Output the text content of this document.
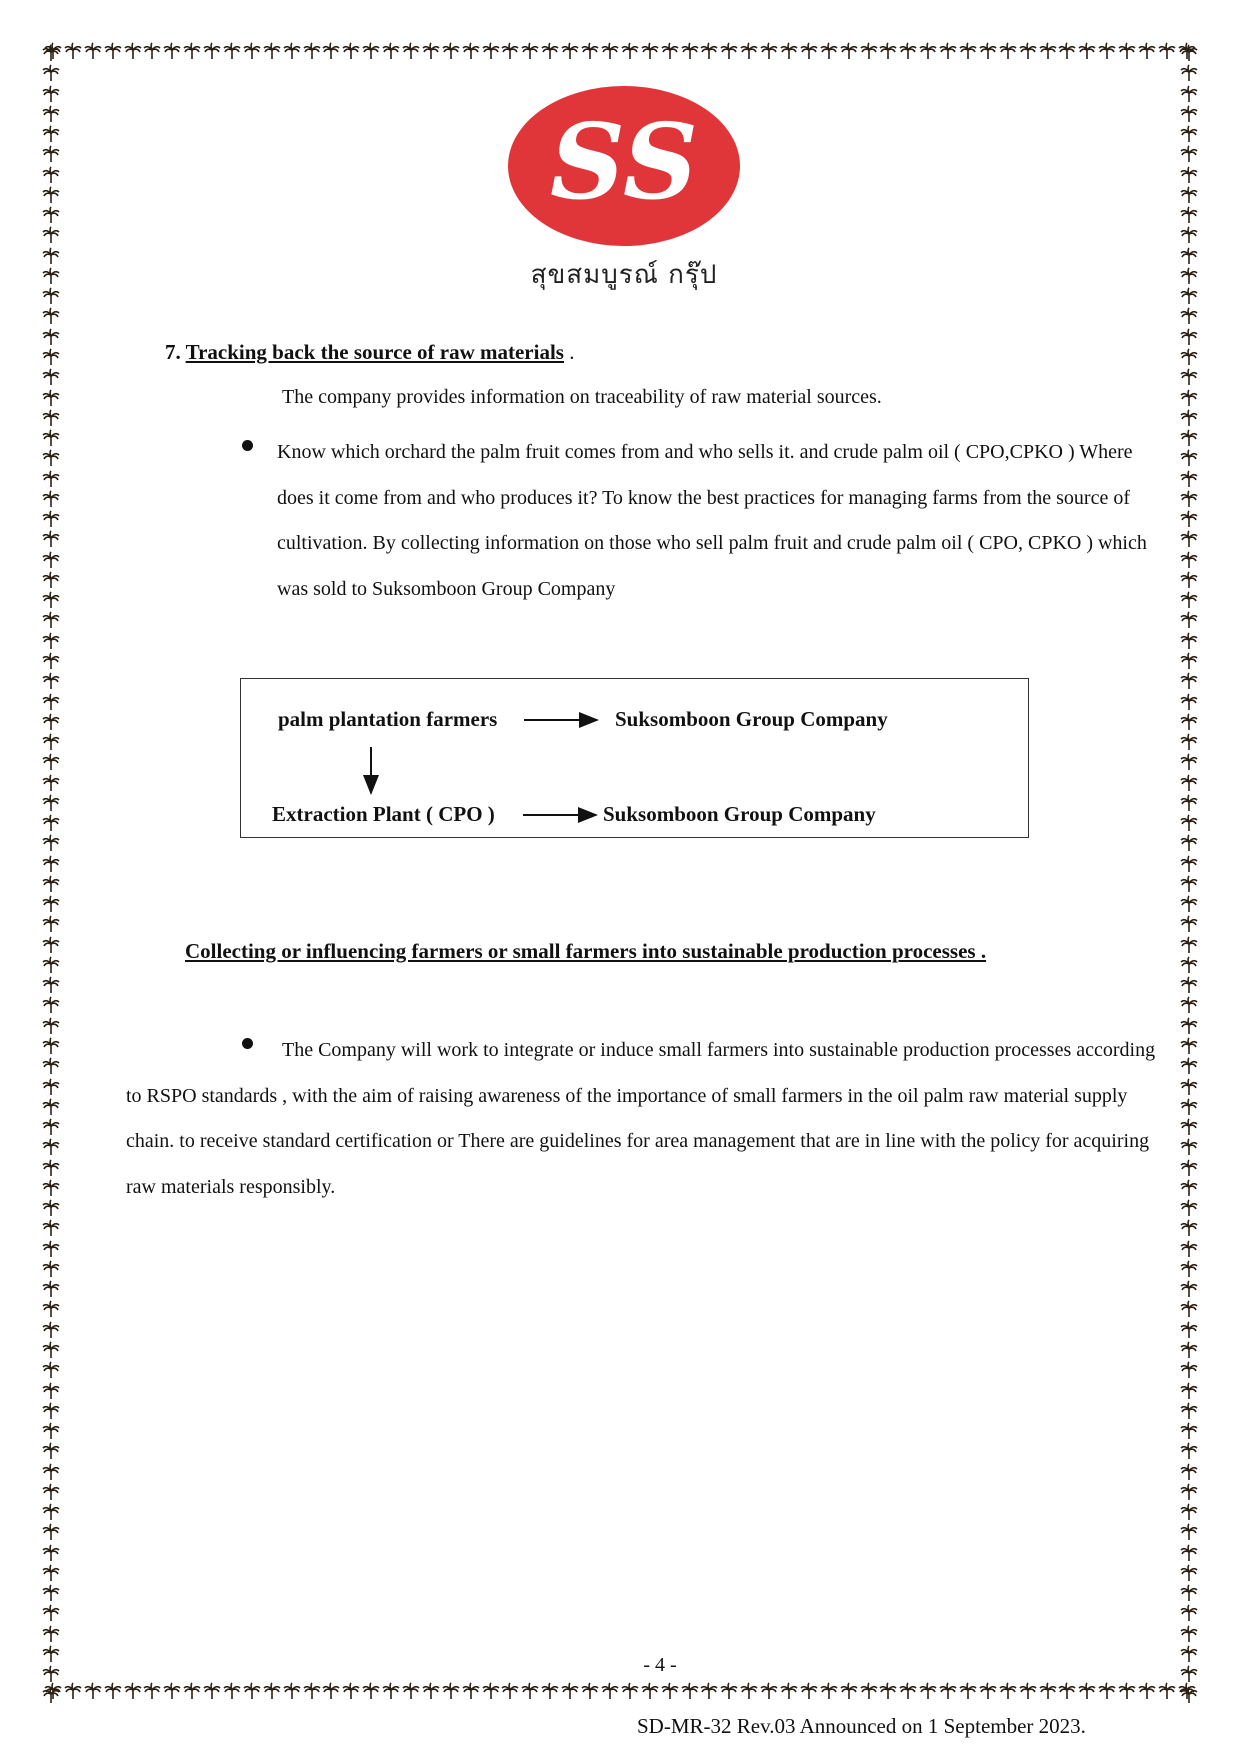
SS
สุขสมบูรณ์ กรุ๊ป
7. Tracking back the source of raw materials .
The company provides information on traceability of raw material sources.
Know which orchard the palm fruit comes from and who sells it. and crude palm oil ( CPO,CPKO ) Where does it come from and who produces it? To know the best practices for managing farms from the source of cultivation. By collecting information on those who sell palm fruit and crude palm oil ( CPO, CPKO ) which was sold to Suksomboon Group Company
palm plantation farmers	Suksomboon Group Company
Extraction Plant ( CPO )	Suksomboon Group Company
Collecting or influencing farmers or small farmers into sustainable production processes .
The Company will work to integrate or induce small farmers into sustainable production processes according to RSPO standards , with the aim of raising awareness of the importance of small farmers in the oil palm raw material supply chain. to receive standard certification or There are guidelines for area management that are in line with the policy for acquiring raw materials responsibly.
- 4 -
SD-MR-32 Rev.03 Announced on 1 September 2023.
